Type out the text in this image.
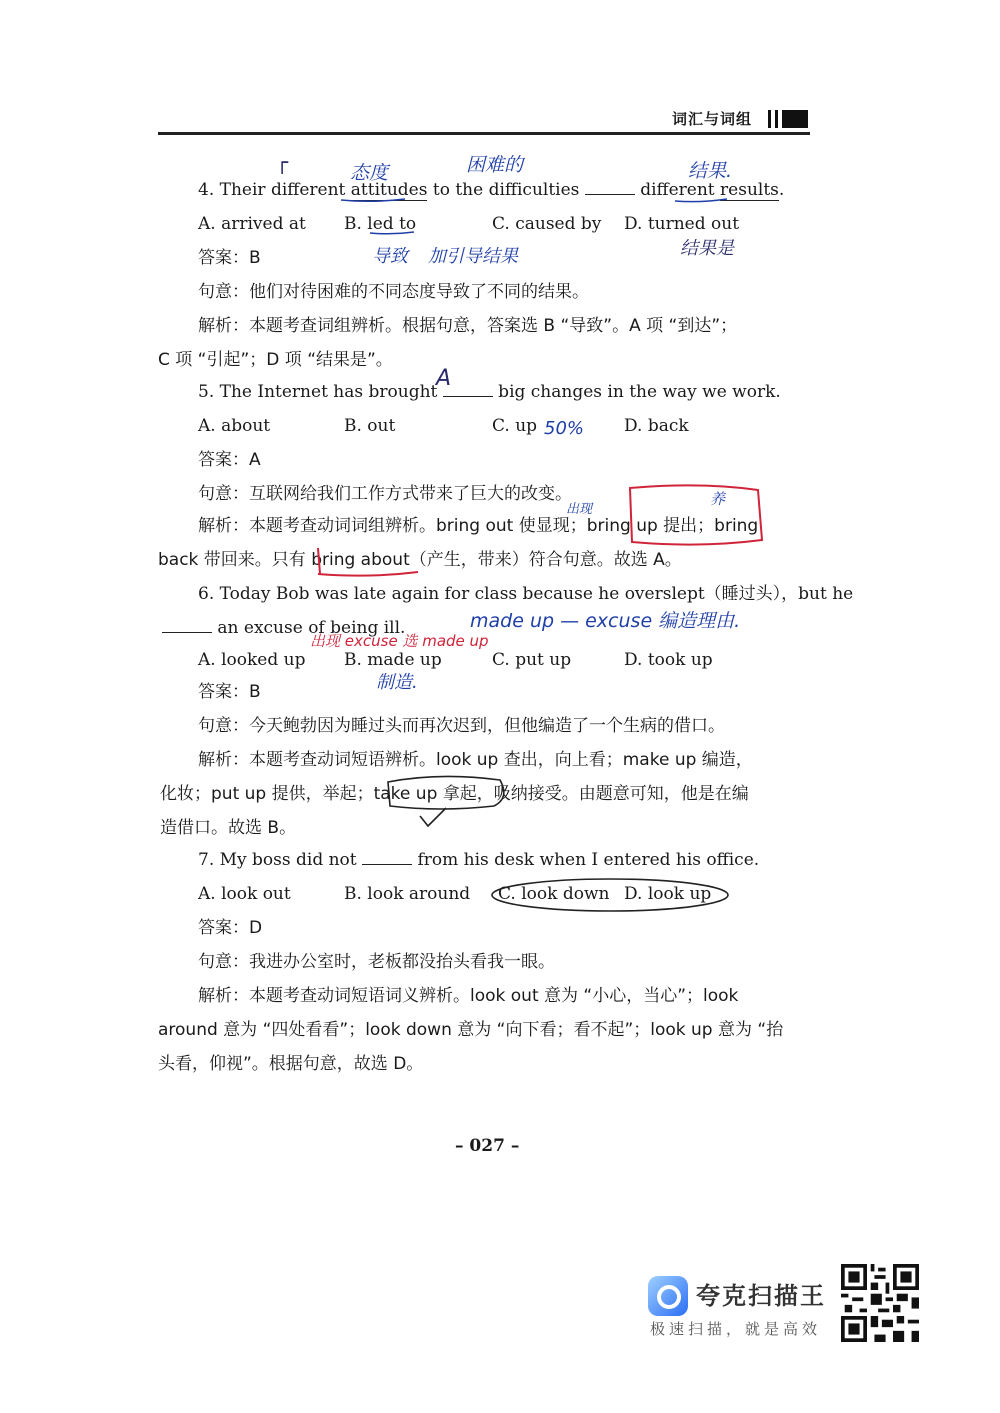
词汇与词组
┌	态度	困难的	结果.
4. Their different attitudes to the difficulties	different results.
A. arrived at B. led to	C. caused by D. turned out
导致 加引导结果	结果是
答案：B
句意：他们对待困难的不同态度导致了不同的结果。
解析：本题考查词组辨析。根据句意，答案选 B “导致”。A 项 “到达”；
C 项 “引起”；D 项 “结果是”。
5. The Internet has brought	big changes in the way we work.
A
A. about	B. out	C. up 50% D. back
答案：A
句意：互联网给我们工作方式带来了巨大的改变。
出现
养
解析：本题考查动词词组辨析。bring out 使显现；bring up 提出；bring
back 带回来。只有 bring about（产生，带来）符合句意。故选 A。
6. Today Bob was late again for class because he overslept（睡过头），but he
an excuse of being ill.	made up — excuse 编造理由.
出现 excuse 选 made up
A. looked up B. made up	C. put up	D. took up
制造.
答案：B
句意：今天鲍勃因为睡过头而再次迟到，但他编造了一个生病的借口。
解析：本题考查动词短语辨析。look up 查出，向上看；make up 编造，
化妆；put up 提供，举起；take up 拿起，吸纳接受。由题意可知，他是在编
造借口。故选 B。
7. My boss did not	from his desk when I entered his office.
A. look out	B. look around C. look down D. look up
答案：D
句意：我进办公室时，老板都没抬头看我一眼。
解析：本题考查动词短语词义辨析。look out 意为 “小心，当心”；look
around 意为 “四处看看”；look down 意为 “向下看；看不起”；look up 意为 “抬
头看，仰视”。根据句意，故选 D。
– 027 –
夸克扫描王
极速扫描，就是高效
